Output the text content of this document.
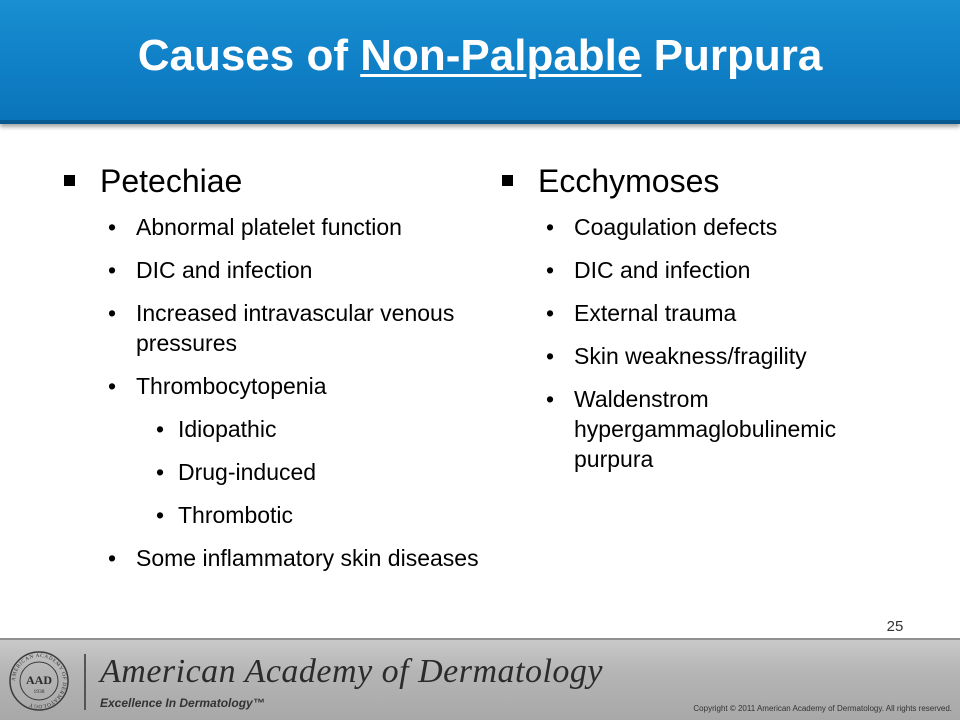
Causes of Non-Palpable Purpura
Petechiae
• Abnormal platelet function
• DIC and infection
• Increased intravascular venous pressures
• Thrombocytopenia
• Idiopathic
• Drug-induced
• Thrombotic
• Some inflammatory skin diseases
Ecchymoses
• Coagulation defects
• DIC and infection
• External trauma
• Skin weakness/fragility
• Waldenstrom hypergammaglobulinemic purpura
25
AMERICAN ACADEMY OF DERMATOLOGY
AAD
1938
American Academy of Dermatology
Excellence In Dermatology™	Copyright © 2011 American Academy of Dermatology. All rights reserved.
